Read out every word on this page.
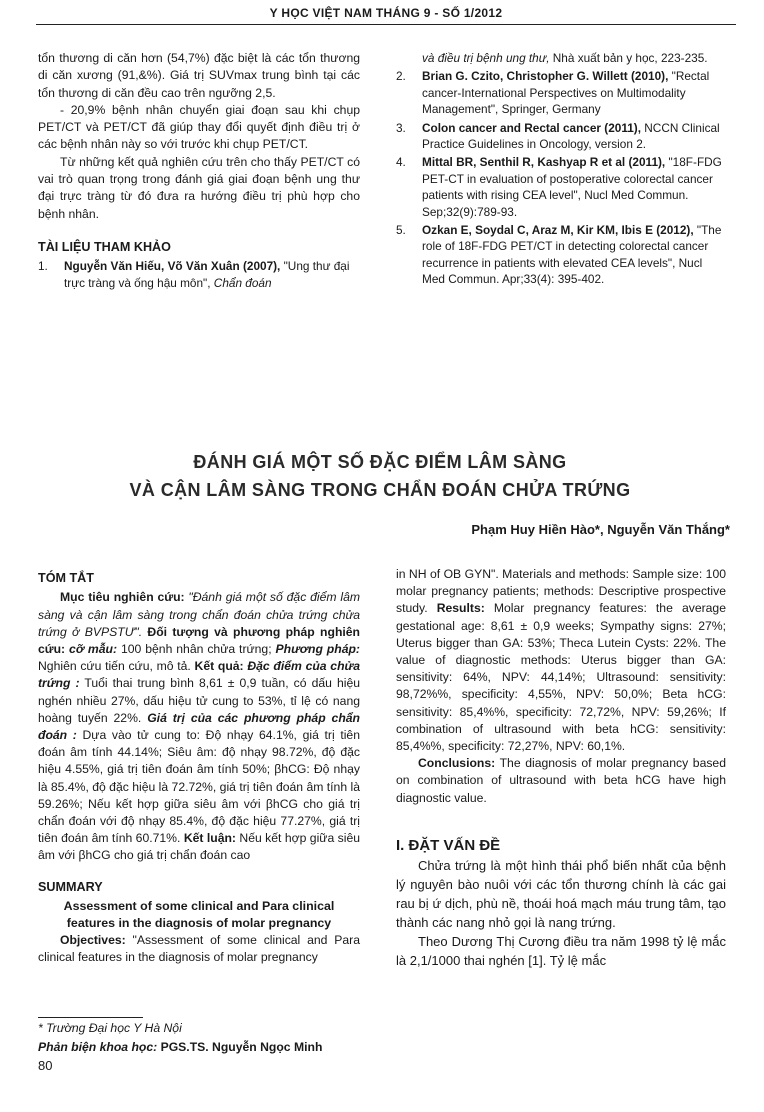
Y HỌC VIỆT NAM THÁNG 9 - SỐ 1/2012

tổn thương di căn hơn (54,7%) đặc biệt là các tổn thương di căn xương (91,&%). Giá trị SUVmax trung bình tại các tổn thương di căn đều cao trên ngưỡng 2,5.

- 20,9% bệnh nhân chuyển giai đoạn sau khi chụp PET/CT và PET/CT đã giúp thay đổi quyết định điều trị ở các bệnh nhân này so với trước khi chụp PET/CT.

Từ những kết quả nghiên cứu trên cho thấy PET/CT có vai trò quan trọng trong đánh giá giai đoạn bệnh ung thư đại trực tràng từ đó đưa ra hướng điều trị phù hợp cho bệnh nhân.

TÀI LIỆU THAM KHẢO
1.	Nguyễn Văn Hiếu, Võ Văn Xuân (2007), "Ung thư đại trực tràng và ống hậu môn", Chẩn đoán
và điều trị bệnh ung thư, Nhà xuất bản y học, 223-235.
2.	Brian G. Czito, Christopher G. Willett (2010), "Rectal cancer-International Perspectives on Multimodality Management", Springer, Germany
3.	Colon cancer and Rectal cancer (2011), NCCN Clinical Practice Guidelines in Oncology, version 2.
4.	Mittal BR, Senthil R, Kashyap R et al (2011), "18F-FDG PET-CT in evaluation of postoperative colorectal cancer patients with rising CEA level", Nucl Med Commun. Sep;32(9):789-93.
5.	Ozkan E, Soydal C, Araz M, Kir KM, Ibis E (2012), "The role of 18F-FDG PET/CT in detecting colorectal cancer recurrence in patients with elevated CEA levels", Nucl Med Commun. Apr;33(4): 395-402.
ĐÁNH GIÁ MỘT SỐ ĐẶC ĐIỂM LÂM SÀNG
VÀ CẬN LÂM SÀNG TRONG CHẨN ĐOÁN CHỬA TRỨNG
Phạm Huy Hiền Hào*, Nguyễn Văn Thắng*
TÓM TẮT

Mục tiêu nghiên cứu: "Đánh giá một số đặc điểm lâm sàng và cận lâm sàng trong chẩn đoán chửa trứng chửa trứng ở BVPSTƯ". Đối tượng và phương pháp nghiên cứu: cỡ mẫu: 100 bệnh nhân chửa trứng; Phương pháp: Nghiên cứu tiến cứu, mô tả. Kết quả: Đặc điểm của chửa trứng : Tuổi thai trung bình 8,61 ± 0,9 tuần, có dấu hiệu nghén nhiều 27%, dấu hiệu tử cung to 53%, tỉ lệ có nang hoàng tuyến 22%. Giá trị của các phương pháp chẩn đoán : Dựa vào tử cung to: Độ nhạy 64.1%, giá trị tiên đoán âm tính 44.14%; Siêu âm: độ nhạy 98.72%, độ đặc hiệu 4.55%, giá trị tiên đoán âm tính 50%; βhCG: Độ nhạy là 85.4%, độ đặc hiệu là 72.72%, giá trị tiên đoán âm tính là 59.26%; Nếu kết hợp giữa siêu âm với βhCG cho giá trị chẩn đoán với độ nhạy 85.4%, độ đặc hiệu 77.27%, giá trị tiên đoán âm tính 60.71%. Kết luận: Nếu kết hợp giữa siêu âm với βhCG cho giá trị chẩn đoán cao

SUMMARY
Assessment of some clinical and Para clinical features in the diagnosis of molar pregnancy

Objectives: "Assessment of some clinical and Para clinical features in the diagnosis of molar pregnancy

in NH of OB GYN". Materials and methods: Sample size: 100 molar pregnancy patients; methods: Descriptive prospective study. Results: Molar pregnancy features: the average gestational age: 8,61 ± 0,9 weeks; Sympathy signs: 27%; Uterus bigger than GA: 53%; Theca Lutein Cysts: 22%. The value of diagnostic methods: Uterus bigger than GA: sensitivity: 64%, NPV: 44,14%; Ultrasound: sensitivity: 98,72%%, specificity: 4,55%, NPV: 50,0%; Beta hCG: sensitivity: 85,4%%, specificity: 72,72%, NPV: 59,26%; If combination of ultrasound with beta hCG: sensitivity: 85,4%%, specificity: 72,27%, NPV: 60,1%.

Conclusions: The diagnosis of molar pregnancy based on combination of ultrasound with beta hCG have high diagnostic value.

I. ĐẶT VẤN ĐỀ

Chửa trứng là một hình thái phổ biến nhất của bệnh lý nguyên bào nuôi với các tổn thương chính là các gai rau bị ứ dịch, phù nề, thoái hoá mạch máu trung tâm, tạo thành các nang nhỏ gọi là nang trứng.

Theo Dương Thị Cương điều tra năm 1998 tỷ lệ mắc là 2,1/1000 thai nghén [1]. Tỷ lệ mắc

* Trường Đại học Y Hà Nội
Phản biện khoa học: PGS.TS. Nguyễn Ngọc Minh
80
